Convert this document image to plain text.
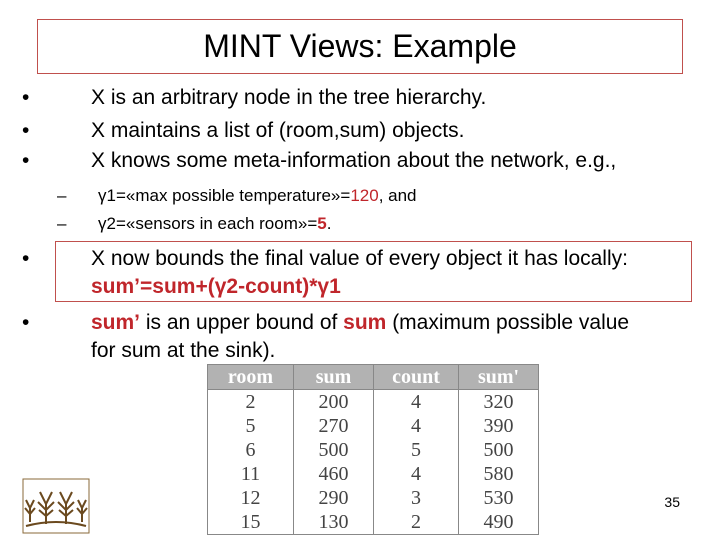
MINT Views: Example
•	X is an arbitrary node in the tree hierarchy.
•	X maintains a list of (room,sum) objects.
•	X knows some meta-information about the network, e.g.,
– γ1=«max possible temperature»=120, and
– γ2=«sensors in each room»=5.
•	X now bounds the final value of every object it has locally:
sum’=sum+(γ2-count)*γ1
•	sum’ is an upper bound of sum (maximum possible value
for sum at the sink).
room	sum	count	sum'
2	200	4	320
5	270	4	390
6	500	5	500
11	460	4	580
12	290	3	530
15	130	2	490
35
